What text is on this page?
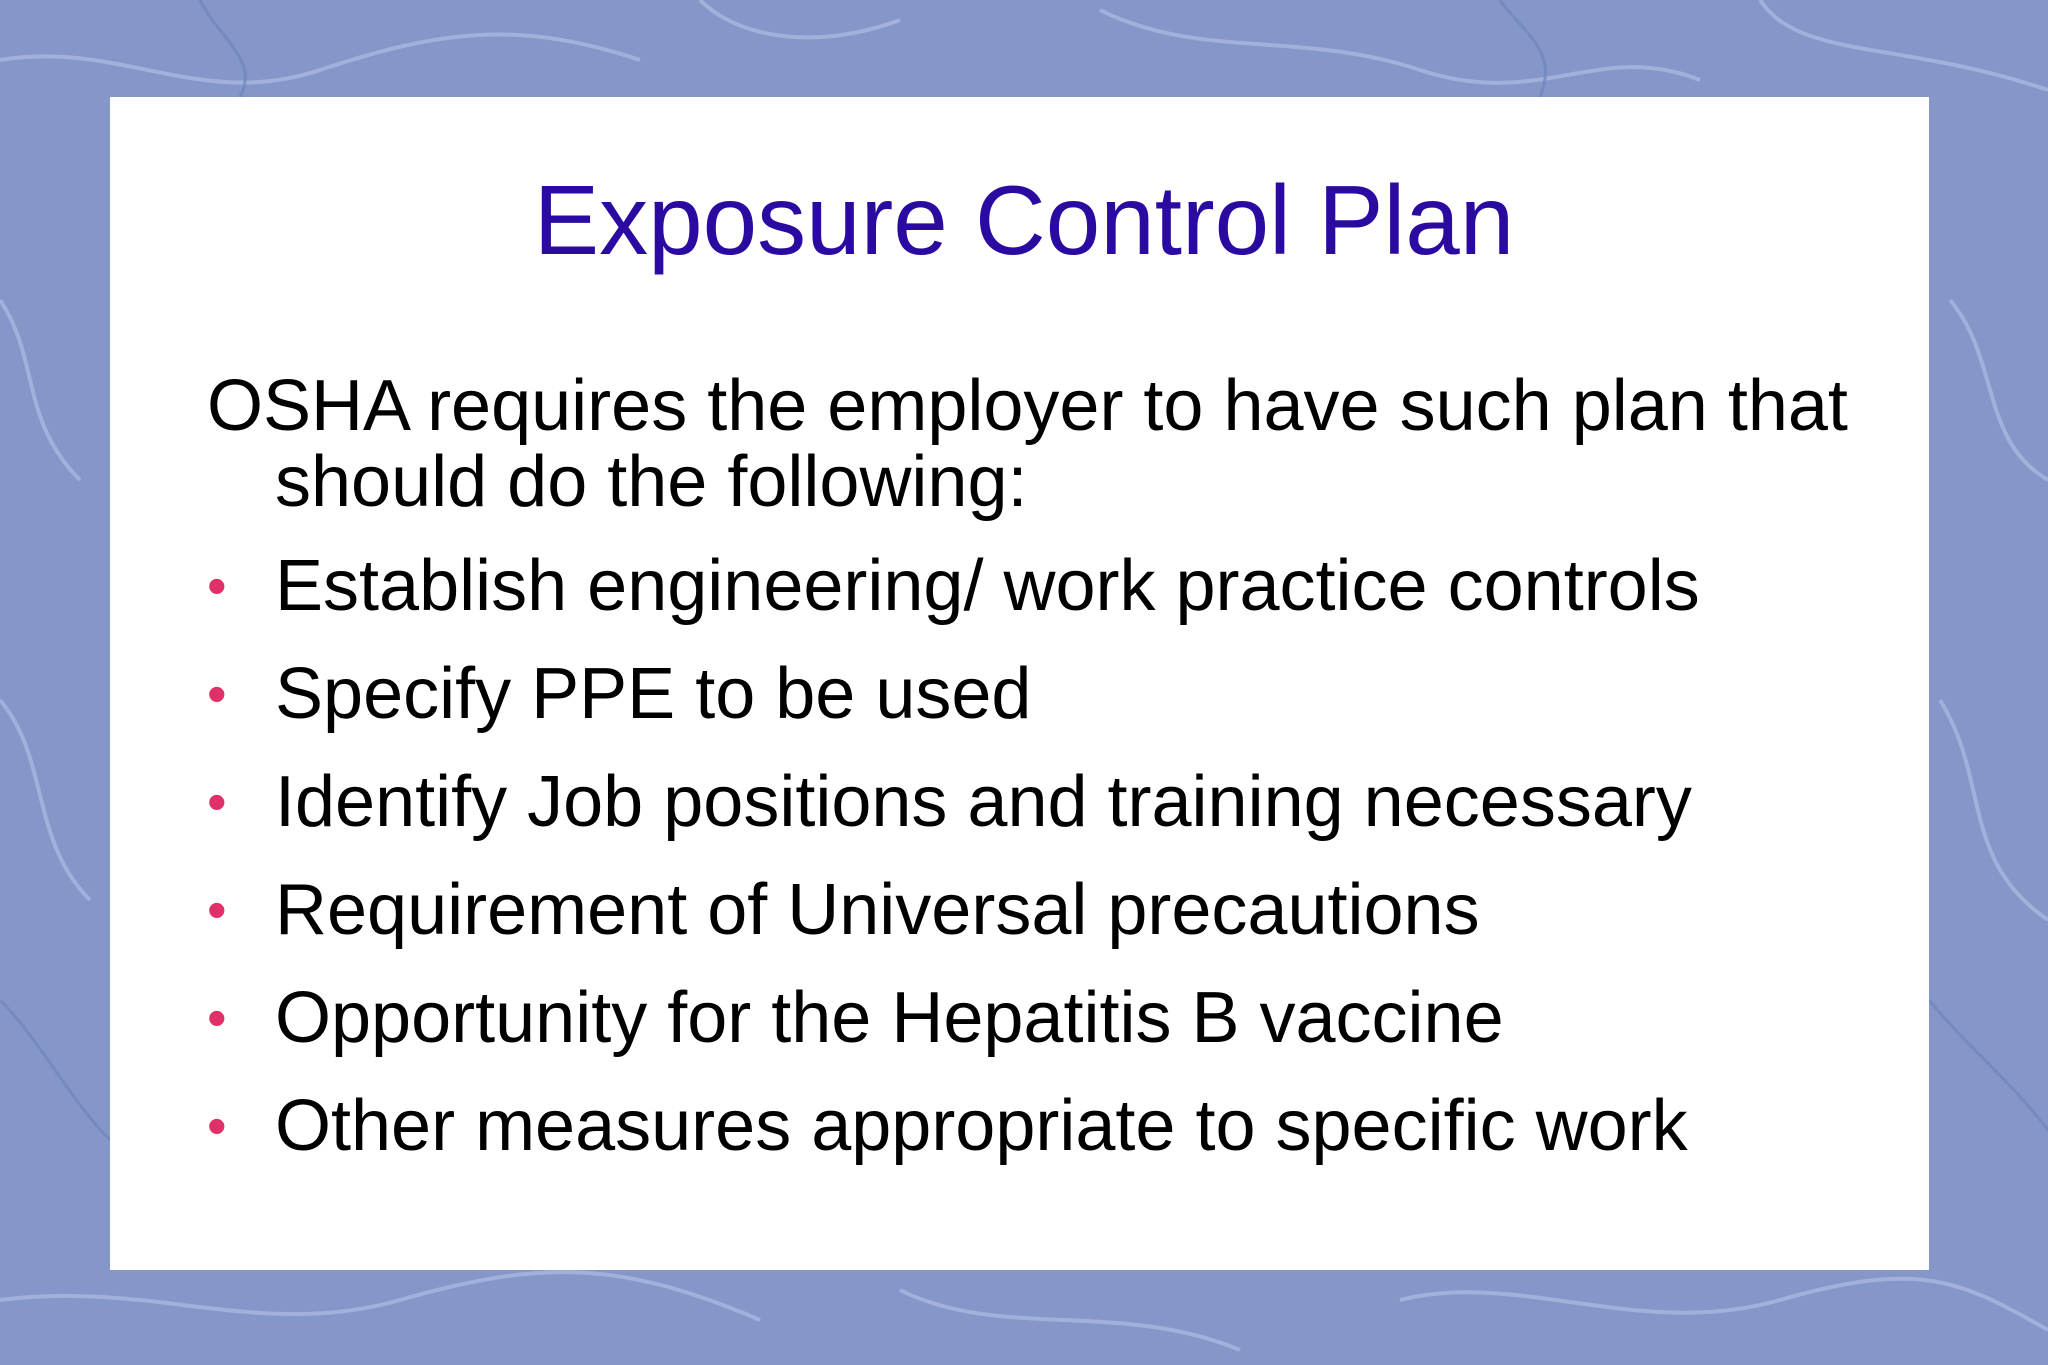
Exposure Control Plan

OSHA requires the employer to have such plan that should do the following:

• Establish engineering/ work practice controls
• Specify PPE to be used
• Identify Job positions and training necessary
• Requirement of Universal precautions
• Opportunity for the Hepatitis B vaccine
• Other measures appropriate to specific work
